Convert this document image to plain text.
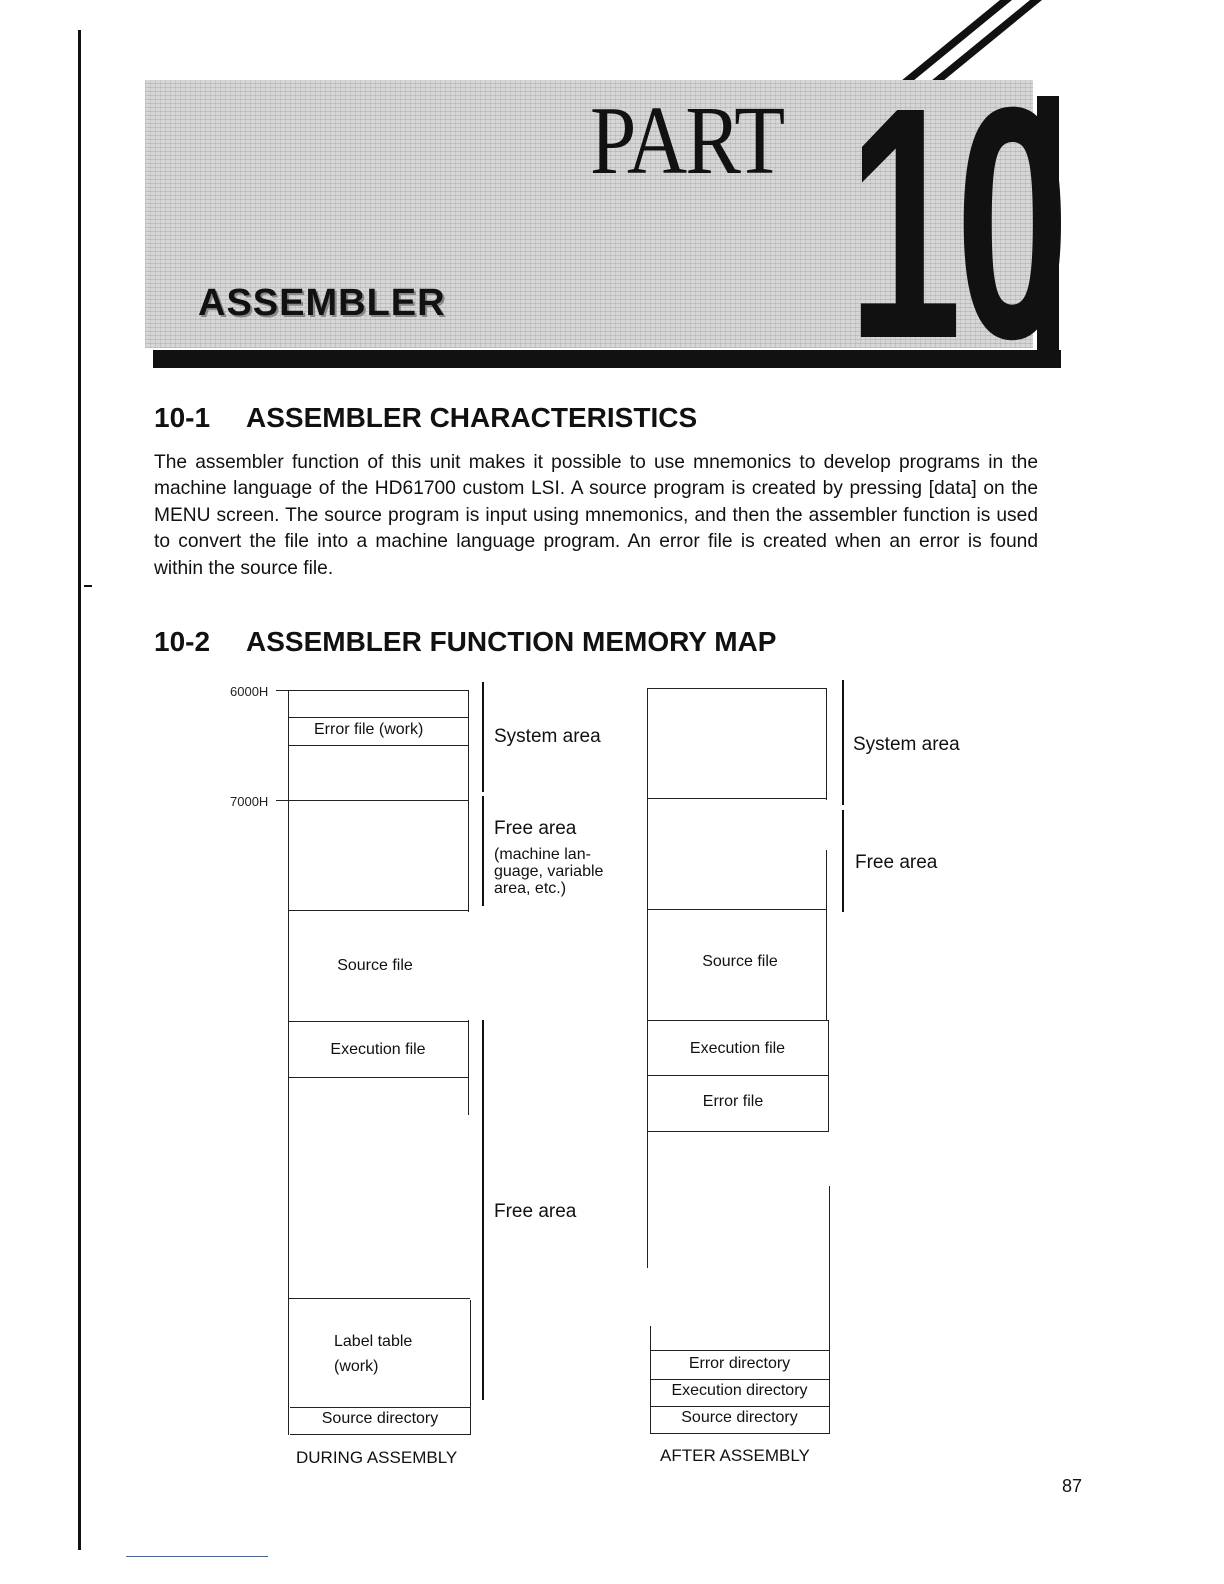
PART 10
ASSEMBLER
10-1 ASSEMBLER CHARACTERISTICS
The assembler function of this unit makes it possible to use mnemonics to develop programs in the machine language of the HD61700 custom LSI. A source program is created by pressing [data] on the MENU screen. The source program is input using mnemonics, and then the assembler function is used to convert the file into a machine language program. An error file is created when an error is found within the source file.
10-2 ASSEMBLER FUNCTION MEMORY MAP
6000H
7000H
Error file (work)
Source file
Execution file
Label table
(work)
Source directory
System area
Free area
(machine lan-guage, variable area, etc.)
Free area
DURING ASSEMBLY
Source file
Execution file
Error file
Error directory
Execution directory
Source directory
System area
Free area
AFTER ASSEMBLY
87
